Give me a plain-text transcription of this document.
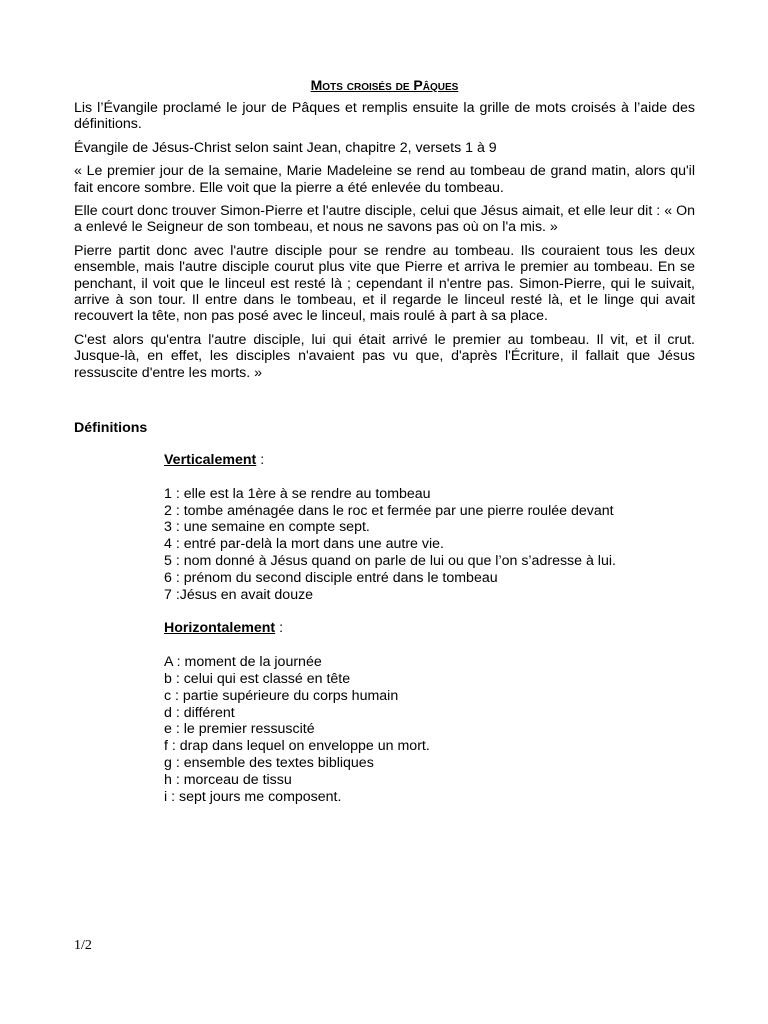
Mots croisés de Pâques

Lis l’Évangile proclamé le jour de Pâques et remplis ensuite la grille de mots croisés à l’aide des définitions.

Évangile de Jésus-Christ selon saint Jean, chapitre 2, versets 1 à 9

« Le premier jour de la semaine, Marie Madeleine se rend au tombeau de grand matin, alors qu'il fait encore sombre. Elle voit que la pierre a été enlevée du tombeau.

Elle court donc trouver Simon-Pierre et l'autre disciple, celui que Jésus aimait, et elle leur dit : « On a enlevé le Seigneur de son tombeau, et nous ne savons pas où on l'a mis. »

Pierre partit donc avec l'autre disciple pour se rendre au tombeau. Ils couraient tous les deux ensemble, mais l'autre disciple courut plus vite que Pierre et arriva le premier au tombeau. En se penchant, il voit que le linceul est resté là ; cependant il n'entre pas. Simon-Pierre, qui le suivait, arrive à son tour. Il entre dans le tombeau, et il regarde le linceul resté là, et le linge qui avait recouvert la tête, non pas posé avec le linceul, mais roulé à part à sa place.

C'est alors qu'entra l'autre disciple, lui qui était arrivé le premier au tombeau. Il vit, et il crut. Jusque-là, en effet, les disciples n'avaient pas vu que, d'après l'Écriture, il fallait que Jésus ressuscite d'entre les morts. »

Définitions
Verticalement :
1 : elle est la 1ère à se rendre au tombeau
2 : tombe aménagée dans le roc et fermée par une pierre roulée devant
3 : une semaine en compte sept.
4 : entré par-delà la mort dans une autre vie.
5 : nom donné à Jésus quand on parle de lui ou que l’on s’adresse à lui.
6 : prénom du second disciple entré dans le tombeau
7 :Jésus en avait douze
Horizontalement :
A : moment de la journée
b : celui qui est classé en tête
c : partie supérieure du corps humain
d : différent
e : le premier ressuscité
f : drap dans lequel on enveloppe un mort.
g : ensemble des textes bibliques
h : morceau de tissu
i : sept jours me composent.
1/2
